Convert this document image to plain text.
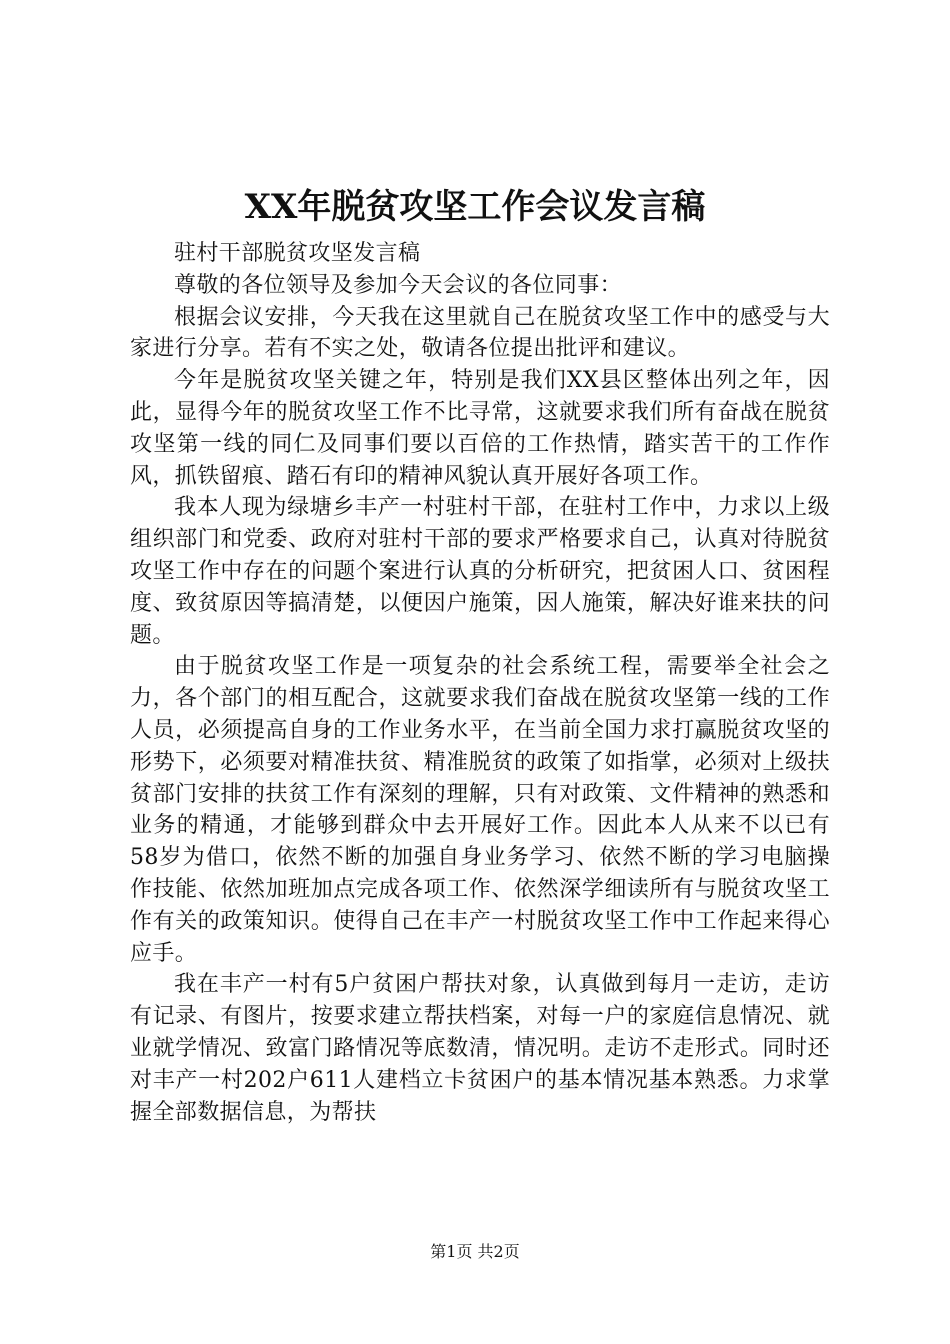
XX年脱贫攻坚工作会议发言稿

驻村干部脱贫攻坚发言稿

尊敬的各位领导及参加今天会议的各位同事：

根据会议安排，今天我在这里就自己在脱贫攻坚工作中的感受与大家进行分享。若有不实之处，敬请各位提出批评和建议。

今年是脱贫攻坚关键之年，特别是我们XX县区整体出列之年，因此，显得今年的脱贫攻坚工作不比寻常，这就要求我们所有奋战在脱贫攻坚第一线的同仁及同事们要以百倍的工作热情，踏实苦干的工作作风，抓铁留痕、踏石有印的精神风貌认真开展好各项工作。

我本人现为绿塘乡丰产一村驻村干部，在驻村工作中，力求以上级组织部门和党委、政府对驻村干部的要求严格要求自己，认真对待脱贫攻坚工作中存在的问题个案进行认真的分析研究，把贫困人口、贫困程度、致贫原因等搞清楚，以便因户施策，因人施策，解决好谁来扶的问题。

由于脱贫攻坚工作是一项复杂的社会系统工程，需要举全社会之力，各个部门的相互配合，这就要求我们奋战在脱贫攻坚第一线的工作人员，必须提高自身的工作业务水平，在当前全国力求打赢脱贫攻坚的形势下，必须要对精准扶贫、精准脱贫的政策了如指掌，必须对上级扶贫部门安排的扶贫工作有深刻的理解，只有对政策、文件精神的熟悉和业务的精通，才能够到群众中去开展好工作。因此本人从来不以已有58岁为借口，依然不断的加强自身业务学习、依然不断的学习电脑操作技能、依然加班加点完成各项工作、依然深学细读所有与脱贫攻坚工作有关的政策知识。使得自己在丰产一村脱贫攻坚工作中工作起来得心应手。

我在丰产一村有5户贫困户帮扶对象，认真做到每月一走访，走访有记录、有图片，按要求建立帮扶档案，对每一户的家庭信息情况、就业就学情况、致富门路情况等底数清，情况明。走访不走形式。同时还对丰产一村202户611人建档立卡贫困户的基本情况基本熟悉。力求掌握全部数据信息，为帮扶

第1页 共2页
